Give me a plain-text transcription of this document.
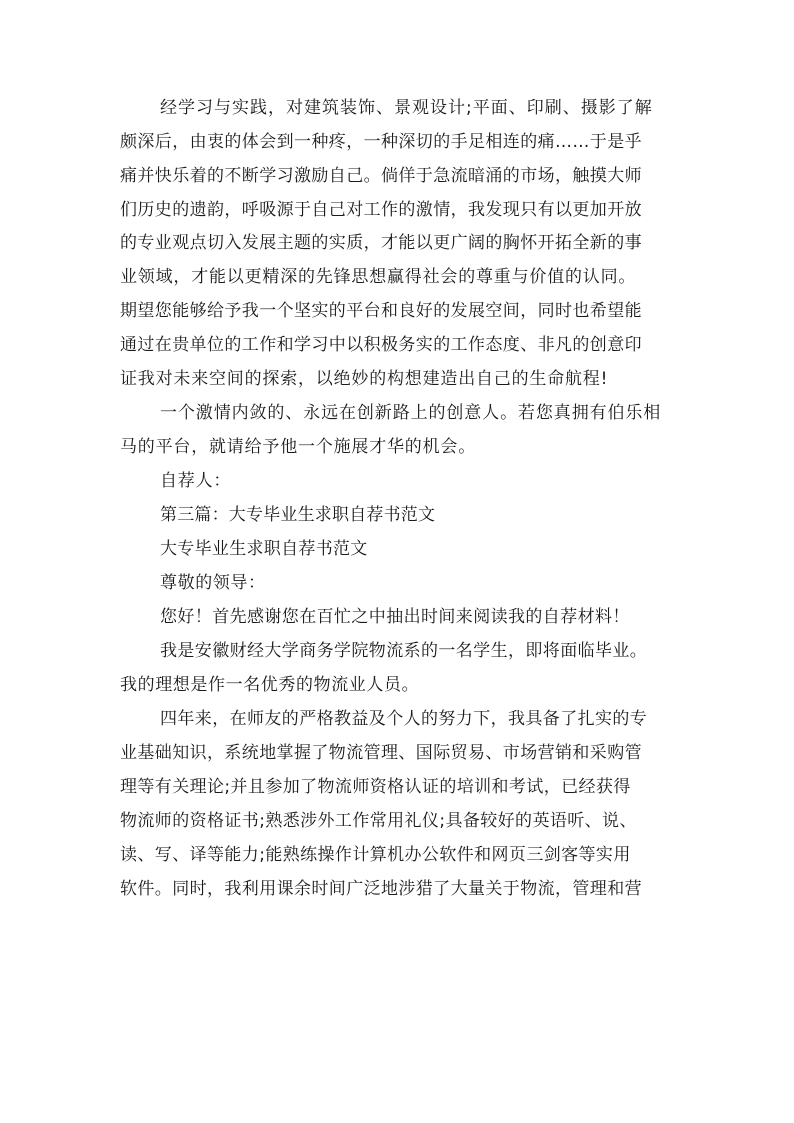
经学习与实践，对建筑装饰、景观设计;平面、印刷、摄影了解
颇深后，由衷的体会到一种疼，一种深切的手足相连的痛……于是乎
痛并快乐着的不断学习激励自己。倘佯于急流暗涌的市场，触摸大师
们历史的遗韵，呼吸源于自己对工作的激情，我发现只有以更加开放
的专业观点切入发展主题的实质，才能以更广阔的胸怀开拓全新的事
业领域，才能以更精深的先锋思想赢得社会的尊重与价值的认同。
期望您能够给予我一个坚实的平台和良好的发展空间，同时也希望能
通过在贵单位的工作和学习中以积极务实的工作态度、非凡的创意印
证我对未来空间的探索，以绝妙的构想建造出自己的生命航程!
一个激情内敛的、永远在创新路上的创意人。若您真拥有伯乐相
马的平台，就请给予他一个施展才华的机会。
自荐人：
第三篇：大专毕业生求职自荐书范文
大专毕业生求职自荐书范文
尊敬的领导：
您好！首先感谢您在百忙之中抽出时间来阅读我的自荐材料！
我是安徽财经大学商务学院物流系的一名学生，即将面临毕业。
我的理想是作一名优秀的物流业人员。
四年来，在师友的严格教益及个人的努力下，我具备了扎实的专
业基础知识，系统地掌握了物流管理、国际贸易、市场营销和采购管
理等有关理论;并且参加了物流师资格认证的培训和考试，已经获得
物流师的资格证书;熟悉涉外工作常用礼仪;具备较好的英语听、说、
读、写、译等能力;能熟练操作计算机办公软件和网页三剑客等实用
软件。同时，我利用课余时间广泛地涉猎了大量关于物流，管理和营
